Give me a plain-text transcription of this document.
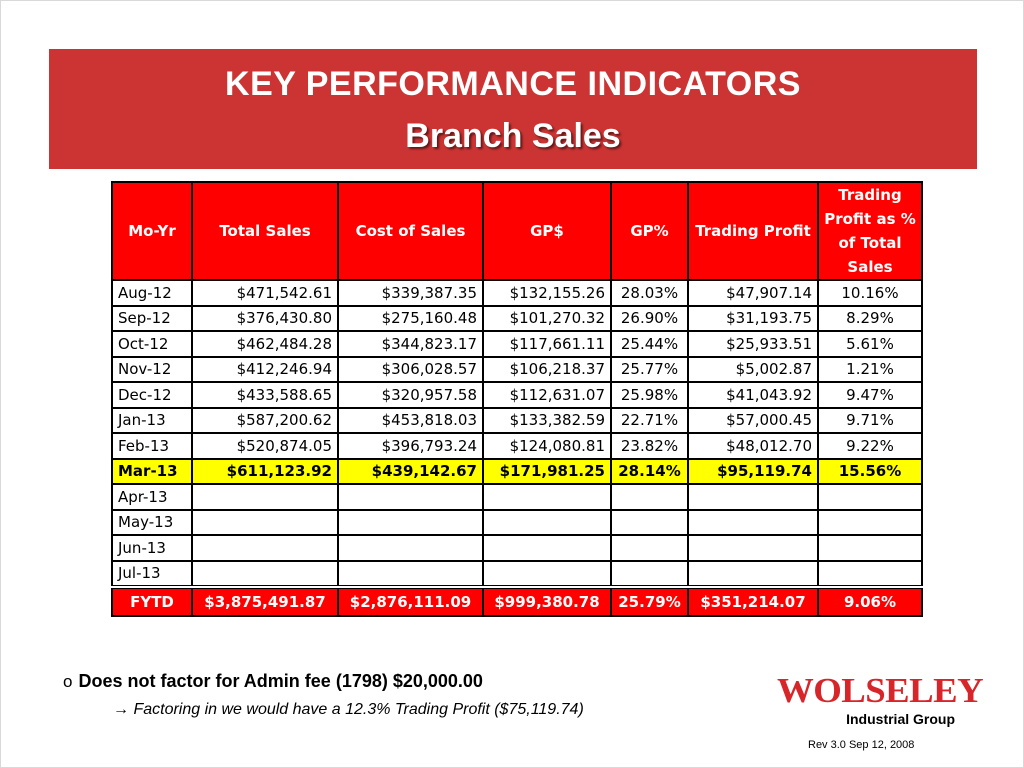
KEY PERFORMANCE INDICATORS
Branch Sales
Mo-Yr	Total Sales	Cost of Sales	GP$	GP%	Trading Profit	Trading Profit as % of Total Sales
Aug-12	$471,542.61	$339,387.35	$132,155.26	28.03%	$47,907.14	10.16%
Sep-12	$376,430.80	$275,160.48	$101,270.32	26.90%	$31,193.75	8.29%
Oct-12	$462,484.28	$344,823.17	$117,661.11	25.44%	$25,933.51	5.61%
Nov-12	$412,246.94	$306,028.57	$106,218.37	25.77%	$5,002.87	1.21%
Dec-12	$433,588.65	$320,957.58	$112,631.07	25.98%	$41,043.92	9.47%
Jan-13	$587,200.62	$453,818.03	$133,382.59	22.71%	$57,000.45	9.71%
Feb-13	$520,874.05	$396,793.24	$124,080.81	23.82%	$48,012.70	9.22%
Mar-13	$611,123.92	$439,142.67	$171,981.25	28.14%	$95,119.74	15.56%
Apr-13						
May-13						
Jun-13						
Jul-13						
FYTD	$3,875,491.87	$2,876,111.09	$999,380.78	25.79%	$351,214.07	9.06%
o Does not factor for Admin fee (1798) $20,000.00
→ Factoring in we would have a 12.3% Trading Profit ($75,119.74)	WOLSELEY
Industrial Group
Rev 3.0 Sep 12, 2008
